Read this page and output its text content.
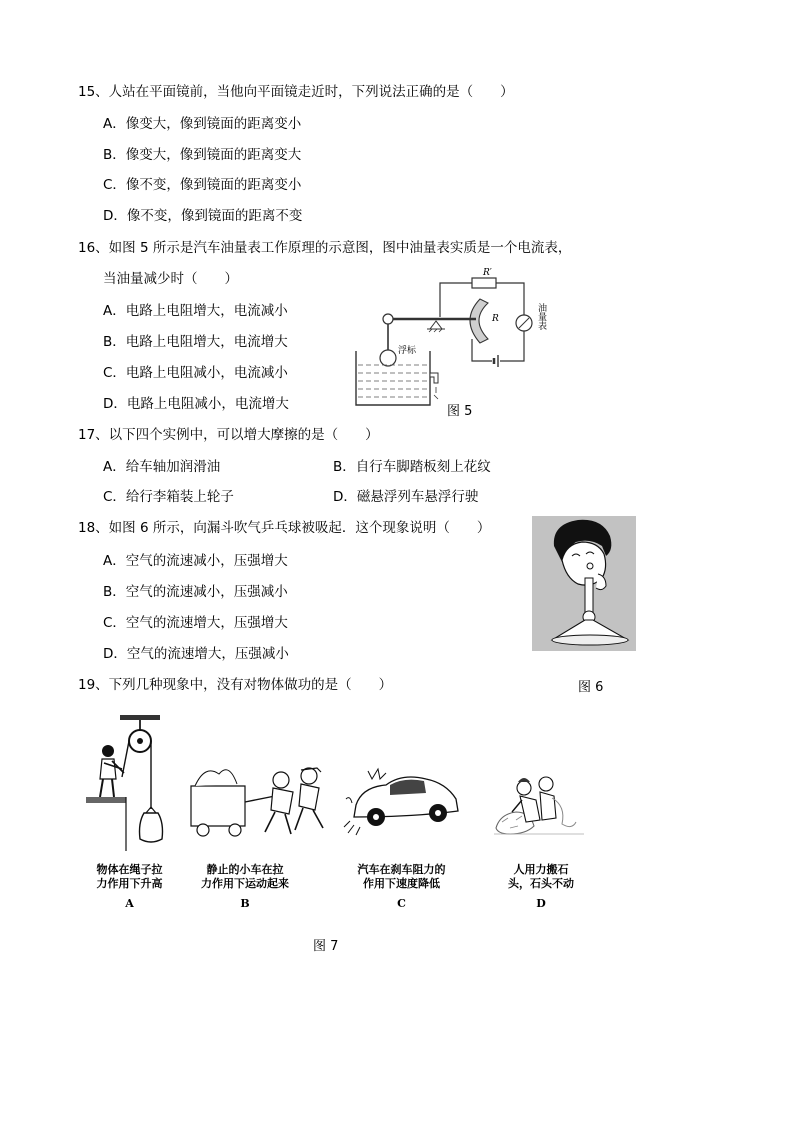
15、人站在平面镜前，当他向平面镜走近时，下列说法正确的是（　　）
A．像变大，像到镜面的距离变小
B．像变大，像到镜面的距离变大
C．像不变，像到镜面的距离变小
D．像不变，像到镜面的距离不变
16、如图 5 所示是汽车油量表工作原理的示意图，图中油量表实质是一个电流表，
当油量减少时（　　）
A．电路上电阻增大，电流减小
B．电路上电阻增大，电流增大
C．电路上电阻减小，电流减小
D．电路上电阻减小，电流增大
R′
R
浮标
油量表
图 5
17、以下四个实例中，可以增大摩擦的是（　　）
A．给车轴加润滑油	B．自行车脚踏板刻上花纹
C．给行李箱装上轮子	D．磁悬浮列车悬浮行驶
18、如图 6 所示，向漏斗吹气乒乓球被吸起．这个现象说明（　　）
A．空气的流速减小，压强增大
B．空气的流速减小，压强减小
C．空气的流速增大，压强增大
D．空气的流速增大，压强减小
19、下列几种现象中，没有对物体做功的是（　　）	图 6
物体在绳子拉
力作用下升高
A
静止的小车在拉
力作用下运动起来
B
汽车在刹车阻力的
作用下速度降低
C
人用力搬石
头，石头不动
D
图 7
